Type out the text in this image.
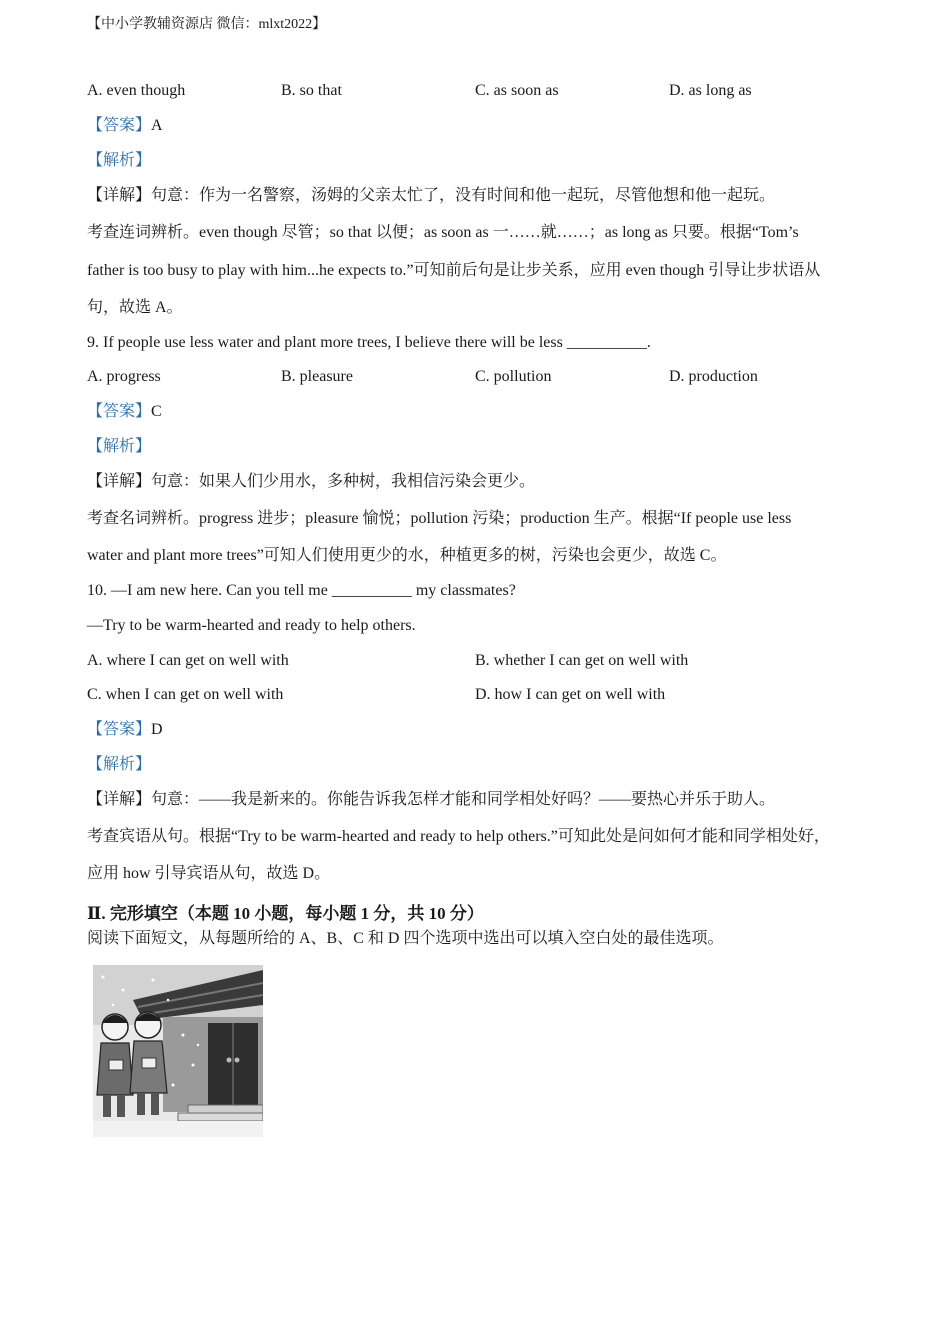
【中小学教辅资源店 微信：mlxt2022】
A. even though	B. so that	C. as soon as	D. as long as
【答案】A
【解析】
【详解】句意：作为一名警察，汤姆的父亲太忙了，没有时间和他一起玩，尽管他想和他一起玩。
考查连词辨析。even though 尽管；so that 以便；as soon as 一……就……；as long as 只要。根据“Tom’s
father is too busy to play with him...he expects to.”可知前后句是让步关系，应用 even though 引导让步状语从
句，故选 A。
9. If people use less water and plant more trees, I believe there will be less __________.
A. progress	B. pleasure	C. pollution	D. production
【答案】C
【解析】
【详解】句意：如果人们少用水，多种树，我相信污染会更少。
考查名词辨析。progress 进步；pleasure 愉悦；pollution 污染；production 生产。根据“If people use less
water and plant more trees”可知人们使用更少的水，种植更多的树，污染也会更少，故选 C。
10. —I am new here. Can you tell me __________ my classmates?
—Try to be warm-hearted and ready to help others.
A. where I can get on well with	B. whether I can get on well with
C. when I can get on well with	D. how I can get on well with
【答案】D
【解析】
【详解】句意：——我是新来的。你能告诉我怎样才能和同学相处好吗？——要热心并乐于助人。
考查宾语从句。根据“Try to be warm-hearted and ready to help others.”可知此处是问如何才能和同学相处好，
应用 how 引导宾语从句，故选 D。
Ⅱ. 完形填空（本题 10 小题，每小题 1 分，共 10 分）
阅读下面短文，从每题所给的 A、B、C 和 D 四个选项中选出可以填入空白处的最佳选项。
